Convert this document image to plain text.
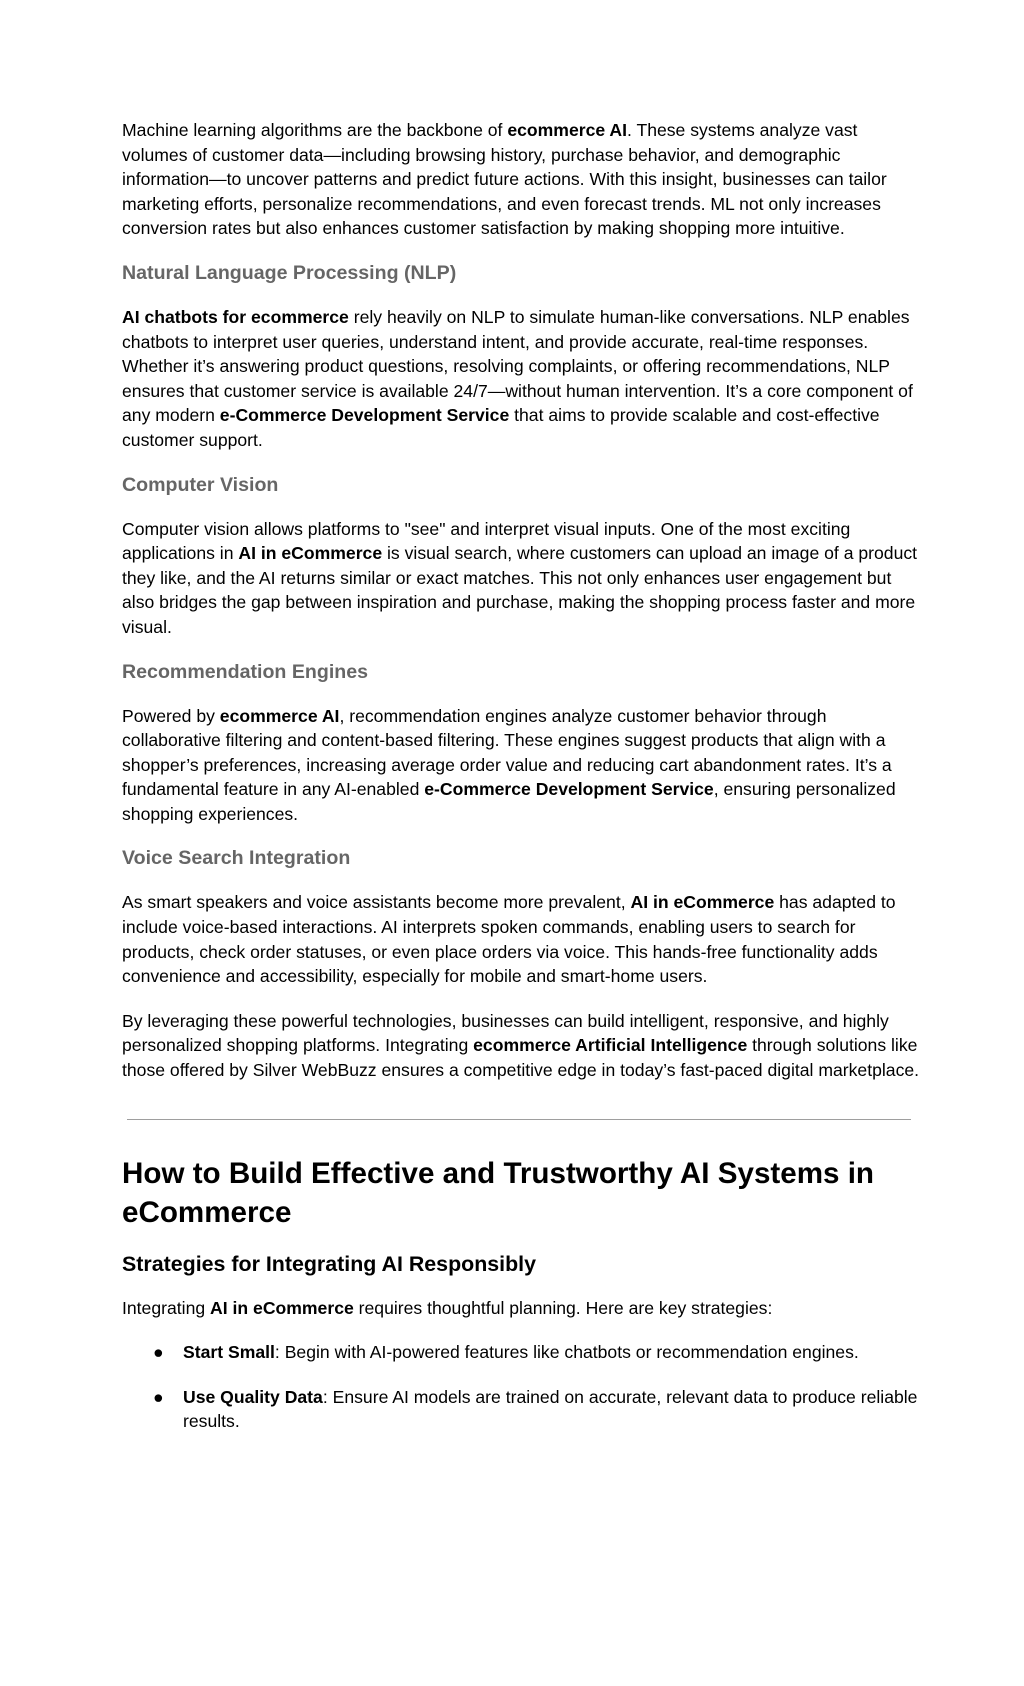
Machine learning algorithms are the backbone of ecommerce AI. These systems analyze vast volumes of customer data—including browsing history, purchase behavior, and demographic information—to uncover patterns and predict future actions. With this insight, businesses can tailor marketing efforts, personalize recommendations, and even forecast trends. ML not only increases conversion rates but also enhances customer satisfaction by making shopping more intuitive.

Natural Language Processing (NLP)

AI chatbots for ecommerce rely heavily on NLP to simulate human-like conversations. NLP enables chatbots to interpret user queries, understand intent, and provide accurate, real-time responses. Whether it’s answering product questions, resolving complaints, or offering recommendations, NLP ensures that customer service is available 24/7—without human intervention. It’s a core component of any modern e-Commerce Development Service that aims to provide scalable and cost-effective customer support.

Computer Vision

Computer vision allows platforms to "see" and interpret visual inputs. One of the most exciting applications in AI in eCommerce is visual search, where customers can upload an image of a product they like, and the AI returns similar or exact matches. This not only enhances user engagement but also bridges the gap between inspiration and purchase, making the shopping process faster and more visual.

Recommendation Engines

Powered by ecommerce AI, recommendation engines analyze customer behavior through collaborative filtering and content-based filtering. These engines suggest products that align with a shopper’s preferences, increasing average order value and reducing cart abandonment rates. It’s a fundamental feature in any AI-enabled e-Commerce Development Service, ensuring personalized shopping experiences.

Voice Search Integration

As smart speakers and voice assistants become more prevalent, AI in eCommerce has adapted to include voice-based interactions. AI interprets spoken commands, enabling users to search for products, check order statuses, or even place orders via voice. This hands-free functionality adds convenience and accessibility, especially for mobile and smart-home users.

By leveraging these powerful technologies, businesses can build intelligent, responsive, and highly personalized shopping platforms. Integrating ecommerce Artificial Intelligence through solutions like those offered by Silver WebBuzz ensures a competitive edge in today’s fast-paced digital marketplace.

How to Build Effective and Trustworthy AI Systems in eCommerce
Strategies for Integrating AI Responsibly

Integrating AI in eCommerce requires thoughtful planning. Here are key strategies:

● Start Small: Begin with AI-powered features like chatbots or recommendation engines.
● Use Quality Data: Ensure AI models are trained on accurate, relevant data to produce reliable results.
